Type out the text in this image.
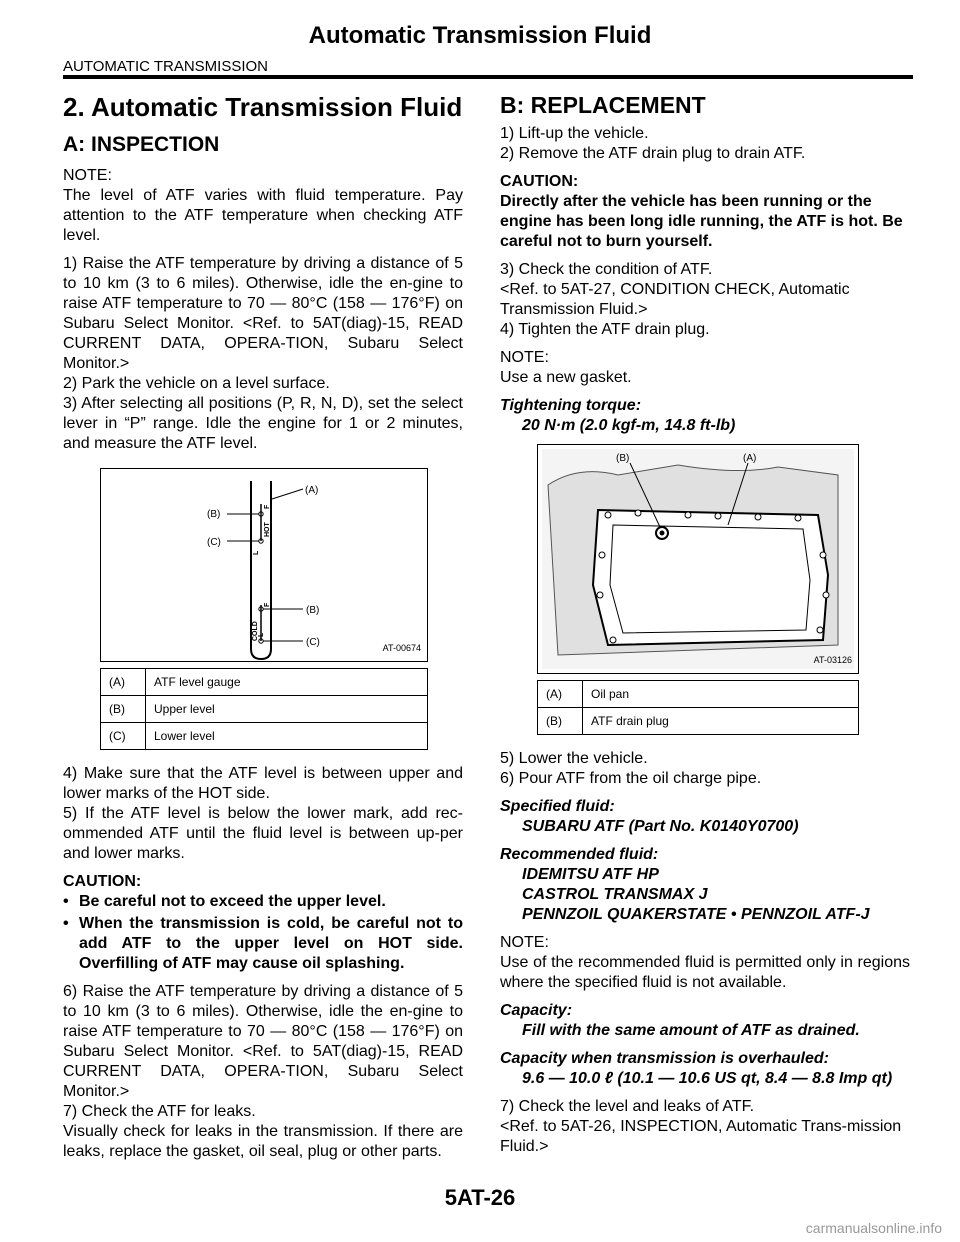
Automatic Transmission Fluid
AUTOMATIC TRANSMISSION
2. Automatic Transmission Fluid
A: INSPECTION

NOTE:

The level of ATF varies with fluid temperature. Pay attention to the ATF temperature when checking ATF level.

1) Raise the ATF temperature by driving a distance of 5 to 10 km (3 to 6 miles). Otherwise, idle the en-gine to raise ATF temperature to 70 — 80°C (158 — 176°F) on Subaru Select Monitor. <Ref. to 5AT(diag)-15, READ CURRENT DATA, OPERA-TION, Subaru Select Monitor.>

2) Park the vehicle on a level surface.

3) After selecting all positions (P, R, N, D), set the select lever in “P” range. Idle the engine for 1 or 2 minutes, and measure the ATF level.

(A)
(B)
(C)
(B)
(C)
HOT
F
L
F
COLD L
AT-00674
(A)	ATF level gauge
(B)	Upper level
(C)	Lower level

4) Make sure that the ATF level is between upper and lower marks of the HOT side.

5) If the ATF level is below the lower mark, add rec-ommended ATF until the fluid level is between up-per and lower marks.

CAUTION:

• Be careful not to exceed the upper level.
• When the transmission is cold, be careful not to add ATF to the upper level on HOT side. Overfilling of ATF may cause oil splashing.

6) Raise the ATF temperature by driving a distance of 5 to 10 km (3 to 6 miles). Otherwise, idle the en-gine to raise ATF temperature to 70 — 80°C (158 — 176°F) on Subaru Select Monitor. <Ref. to 5AT(diag)-15, READ CURRENT DATA, OPERA-TION, Subaru Select Monitor.>

7) Check the ATF for leaks.

Visually check for leaks in the transmission. If there are leaks, replace the gasket, oil seal, plug or other parts.

B: REPLACEMENT

1) Lift-up the vehicle.

2) Remove the ATF drain plug to drain ATF.

CAUTION:

Directly after the vehicle has been running or the engine has been long idle running, the ATF is hot. Be careful not to burn yourself.

3) Check the condition of ATF.

<Ref. to 5AT-27, CONDITION CHECK, Automatic Transmission Fluid.>

4) Tighten the ATF drain plug.

NOTE:

Use a new gasket.

Tightening torque:
20 N·m (2.0 kgf-m, 14.8 ft-lb)
(B)	(A)
AT-03126
(A)	Oil pan
(B)	ATF drain plug

5) Lower the vehicle.

6) Pour ATF from the oil charge pipe.

Specified fluid:
SUBARU ATF (Part No. K0140Y0700)
Recommended fluid:
IDEMITSU ATF HP
CASTROL TRANSMAX J
PENNZOIL QUAKERSTATE • PENNZOIL ATF-J

NOTE:

Use of the recommended fluid is permitted only in regions where the specified fluid is not available.

Capacity:
Fill with the same amount of ATF as drained.
Capacity when transmission is overhauled:
9.6 — 10.0 ℓ (10.1 — 10.6 US qt, 8.4 — 8.8 Imp qt)

7) Check the level and leaks of ATF.

<Ref. to 5AT-26, INSPECTION, Automatic Trans-mission Fluid.>

5AT-26
carmanualsonline.info
